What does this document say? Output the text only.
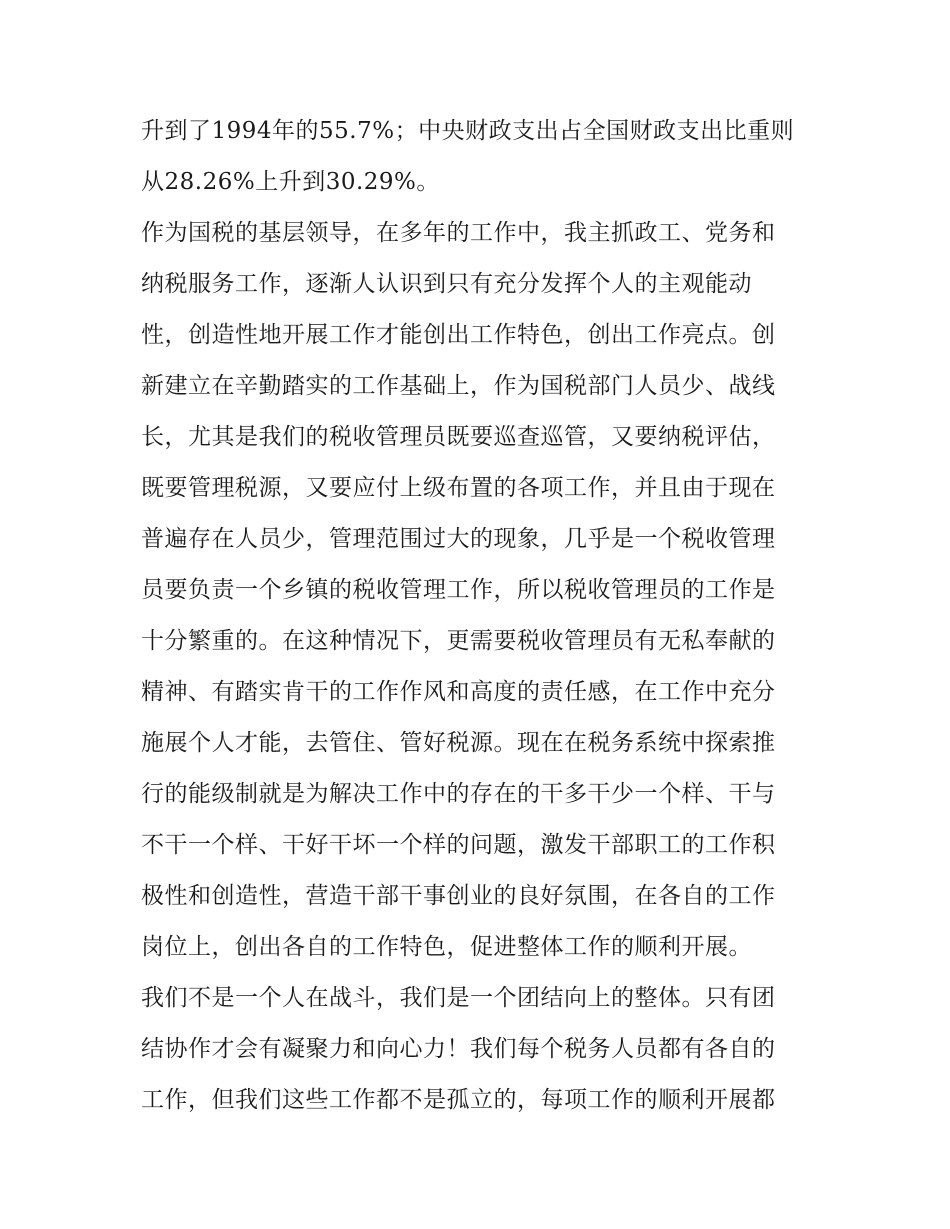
升到了1994年的55.7%；中央财政支出占全国财政支出比重则
从28.26%上升到30.29%。
作为国税的基层领导，在多年的工作中，我主抓政工、党务和
纳税服务工作，逐渐人认识到只有充分发挥个人的主观能动
性，创造性地开展工作才能创出工作特色，创出工作亮点。创
新建立在辛勤踏实的工作基础上，作为国税部门人员少、战线
长，尤其是我们的税收管理员既要巡查巡管，又要纳税评估，
既要管理税源，又要应付上级布置的各项工作，并且由于现在
普遍存在人员少，管理范围过大的现象，几乎是一个税收管理
员要负责一个乡镇的税收管理工作，所以税收管理员的工作是
十分繁重的。在这种情况下，更需要税收管理员有无私奉献的
精神、有踏实肯干的工作作风和高度的责任感，在工作中充分
施展个人才能，去管住、管好税源。现在在税务系统中探索推
行的能级制就是为解决工作中的存在的干多干少一个样、干与
不干一个样、干好干坏一个样的问题，激发干部职工的工作积
极性和创造性，营造干部干事创业的良好氛围，在各自的工作
岗位上，创出各自的工作特色，促进整体工作的顺利开展。
我们不是一个人在战斗，我们是一个团结向上的整体。只有团
结协作才会有凝聚力和向心力！我们每个税务人员都有各自的
工作，但我们这些工作都不是孤立的，每项工作的顺利开展都
